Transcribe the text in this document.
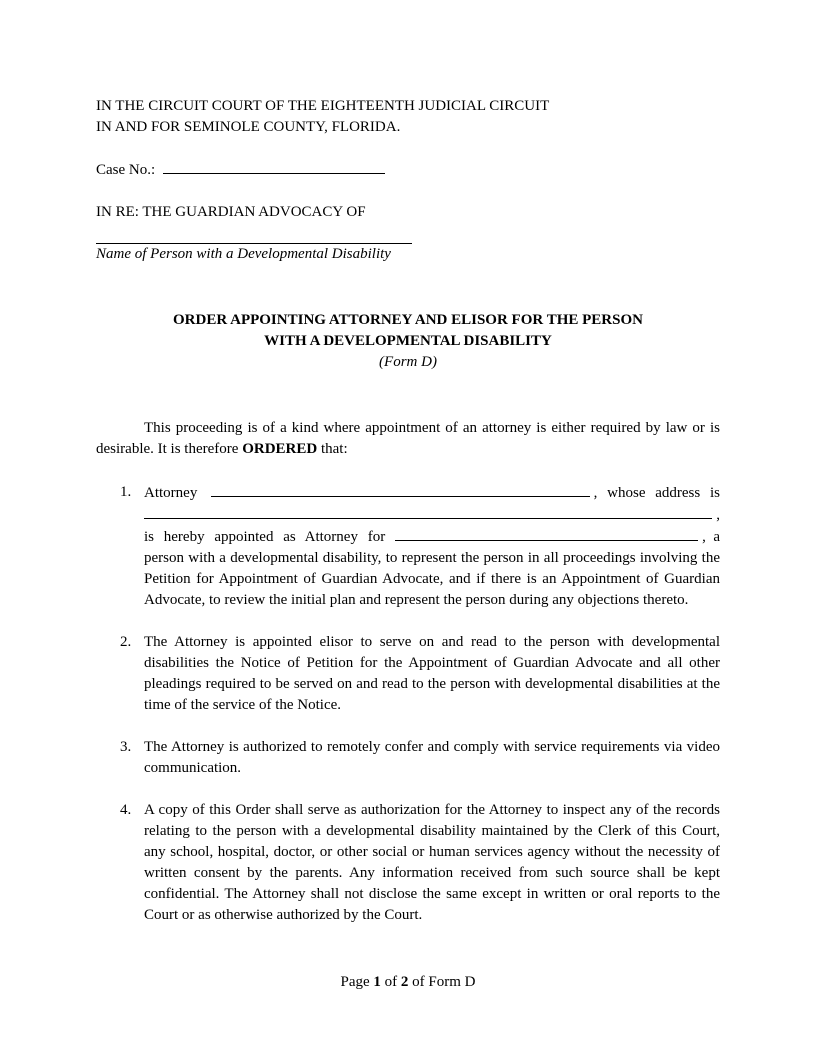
IN THE CIRCUIT COURT OF THE EIGHTEENTH JUDICIAL CIRCUIT
IN AND FOR SEMINOLE COUNTY, FLORIDA.
Case No.:
IN RE: THE GUARDIAN ADVOCACY OF
Name of Person with a Developmental Disability
ORDER APPOINTING ATTORNEY AND ELISOR FOR THE PERSON
WITH A DEVELOPMENTAL DISABILITY
(Form D)

This proceeding is of a kind where appointment of an attorney is either required by law or is desirable. It is therefore ORDERED that:

1. Attorney	, whose address is
,
is hereby appointed as Attorney for	,  a

person with a developmental disability, to represent the person in all proceedings involving the Petition for Appointment of Guardian Advocate, and if there is an Appointment of Guardian Advocate, to review the initial plan and represent the person during any objections thereto.

2. The Attorney is appointed elisor to serve on and read to the person with developmental disabilities the Notice of Petition for the Appointment of Guardian Advocate and all other pleadings required to be served on and read to the person with developmental disabilities at the time of the service of the Notice.

3. The Attorney is authorized to remotely confer and comply with service requirements via video communication.

4. A copy of this Order shall serve as authorization for the Attorney to inspect any of the records relating to the person with a developmental disability maintained by the Clerk of this Court, any school, hospital, doctor, or other social or human services agency without the necessity of written consent by the parents. Any information received from such source shall be kept confidential. The Attorney shall not disclose the same except in written or oral reports to the Court or as otherwise authorized by the Court.

Page 1 of 2 of Form D
